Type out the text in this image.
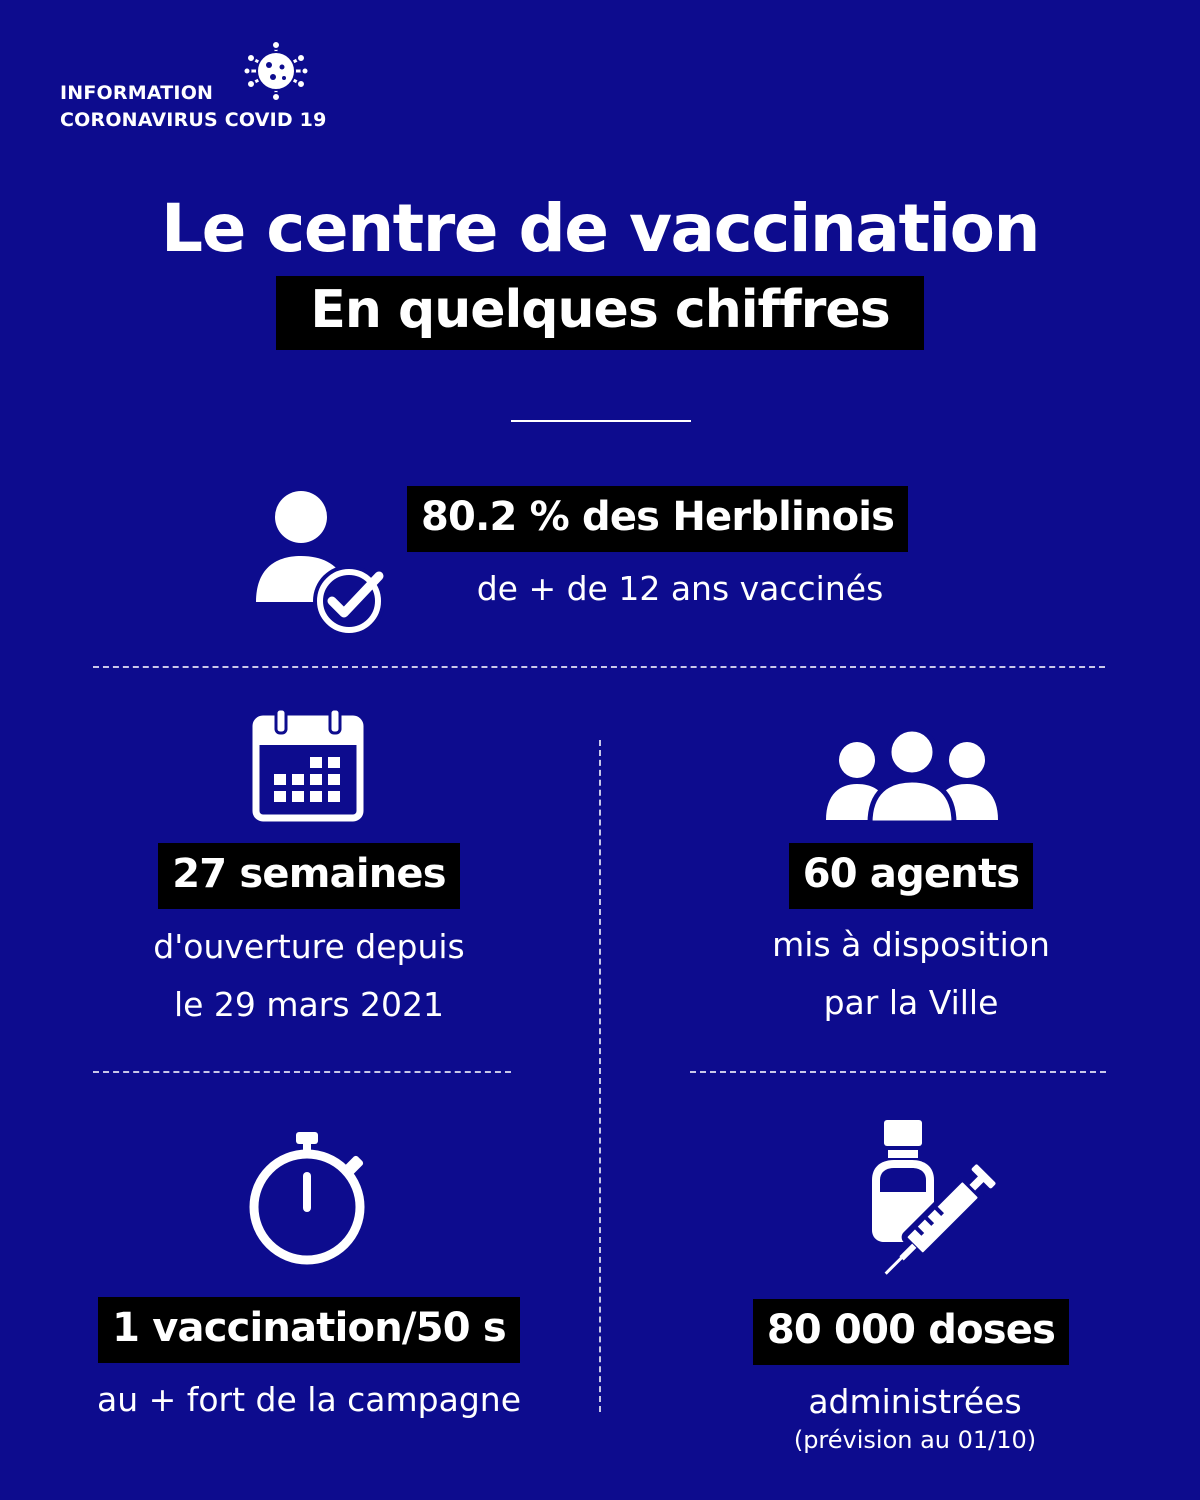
INFORMATION
CORONAVIRUS COVID 19
Le centre de vaccination
En quelques chiffres
80.2 % des Herblinois
de + de 12 ans vaccinés
27 semaines
d'ouverture depuis
le 29 mars 2021
60 agents
mis à disposition
par la Ville
1 vaccination/50 s
au + fort de la campagne
80 000 doses
administrées
(prévision au 01/10)
